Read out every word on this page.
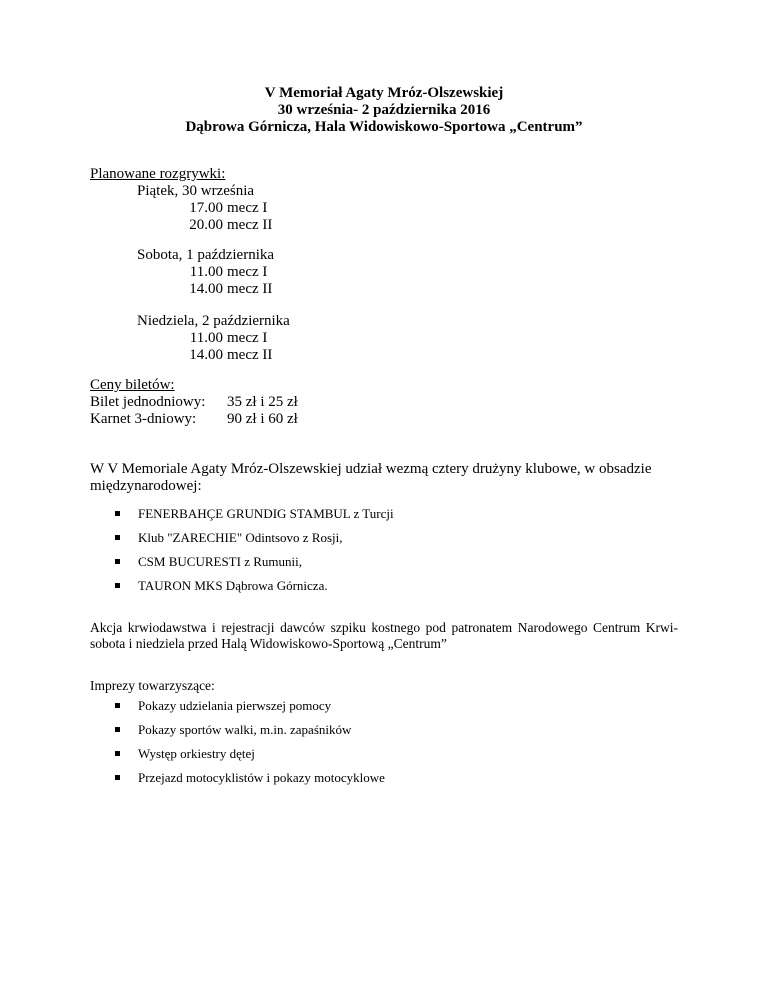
V Memoriał Agaty Mróz-Olszewskiej
30 września- 2 października 2016
Dąbrowa Górnicza, Hala Widowiskowo-Sportowa „Centrum”
Planowane rozgrywki:
Piątek, 30 września
17.00 mecz I
20.00 mecz II
Sobota, 1 października
11.00 mecz I
14.00 mecz II
Niedziela, 2 października
11.00 mecz I
14.00 mecz II
Ceny biletów:
Bilet jednodniowy: 35 zł i 25 zł
Karnet 3-dniowy: 90 zł i 60 zł
W V Memoriale Agaty Mróz-Olszewskiej udział wezmą cztery drużyny klubowe, w obsadzie międzynarodowej:
FENERBAHÇE GRUNDIG STAMBUL z Turcji
Klub "ZARECHIE" Odintsovo z Rosji,
CSM BUCURESTI z Rumunii,
TAURON MKS Dąbrowa Górnicza.
Akcja krwiodawstwa i rejestracji dawców szpiku kostnego pod patronatem Narodowego Centrum Krwi- sobota i niedziela przed Halą Widowiskowo-Sportową „Centrum”
Imprezy towarzyszące:
Pokazy udzielania pierwszej pomocy
Pokazy sportów walki, m.in. zapaśników
Występ orkiestry dętej
Przejazd motocyklistów i pokazy motocyklowe
